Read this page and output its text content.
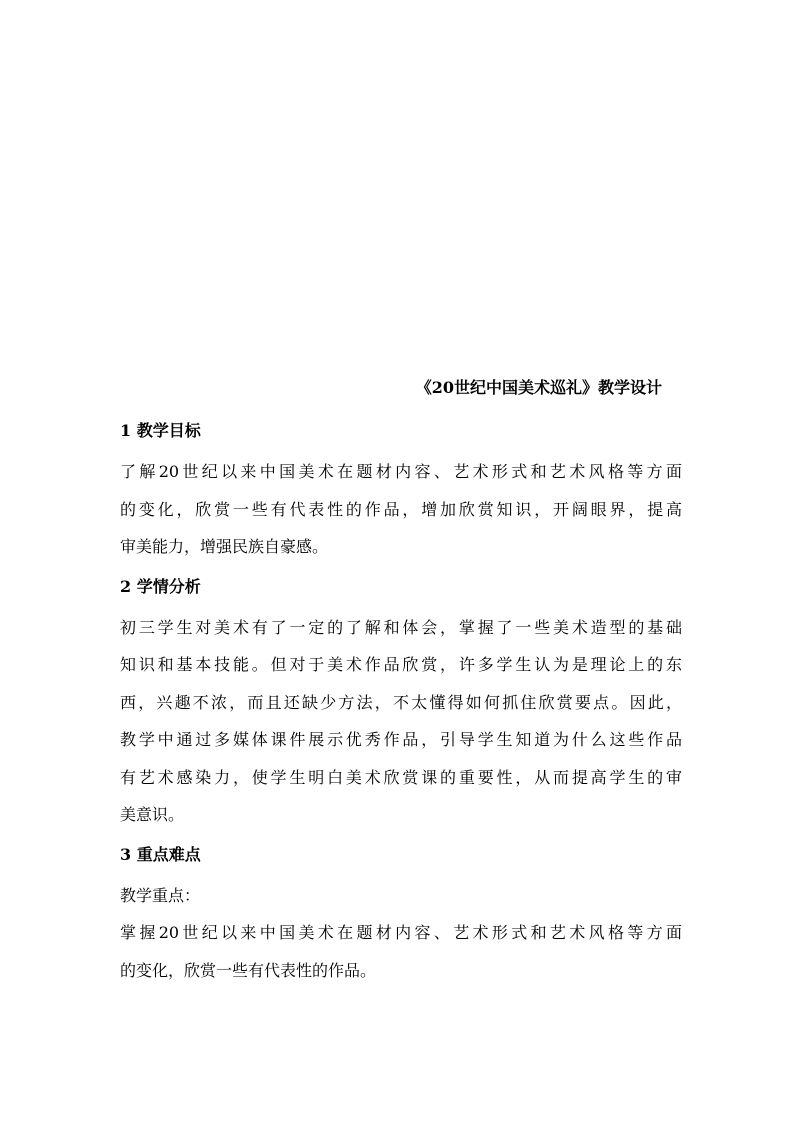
《20世纪中国美术巡礼》教学设计
1 教学目标
了解20世纪以来中国美术在题材内容、艺术形式和艺术风格等方面
的变化，欣赏一些有代表性的作品，增加欣赏知识，开阔眼界，提高
审美能力，增强民族自豪感。
2 学情分析
初三学生对美术有了一定的了解和体会，掌握了一些美术造型的基础
知识和基本技能。但对于美术作品欣赏，许多学生认为是理论上的东
西，兴趣不浓，而且还缺少方法，不太懂得如何抓住欣赏要点。因此，
教学中通过多媒体课件展示优秀作品，引导学生知道为什么这些作品
有艺术感染力，使学生明白美术欣赏课的重要性，从而提高学生的审
美意识。
3 重点难点
教学重点：
掌握20世纪以来中国美术在题材内容、艺术形式和艺术风格等方面
的变化，欣赏一些有代表性的作品。
